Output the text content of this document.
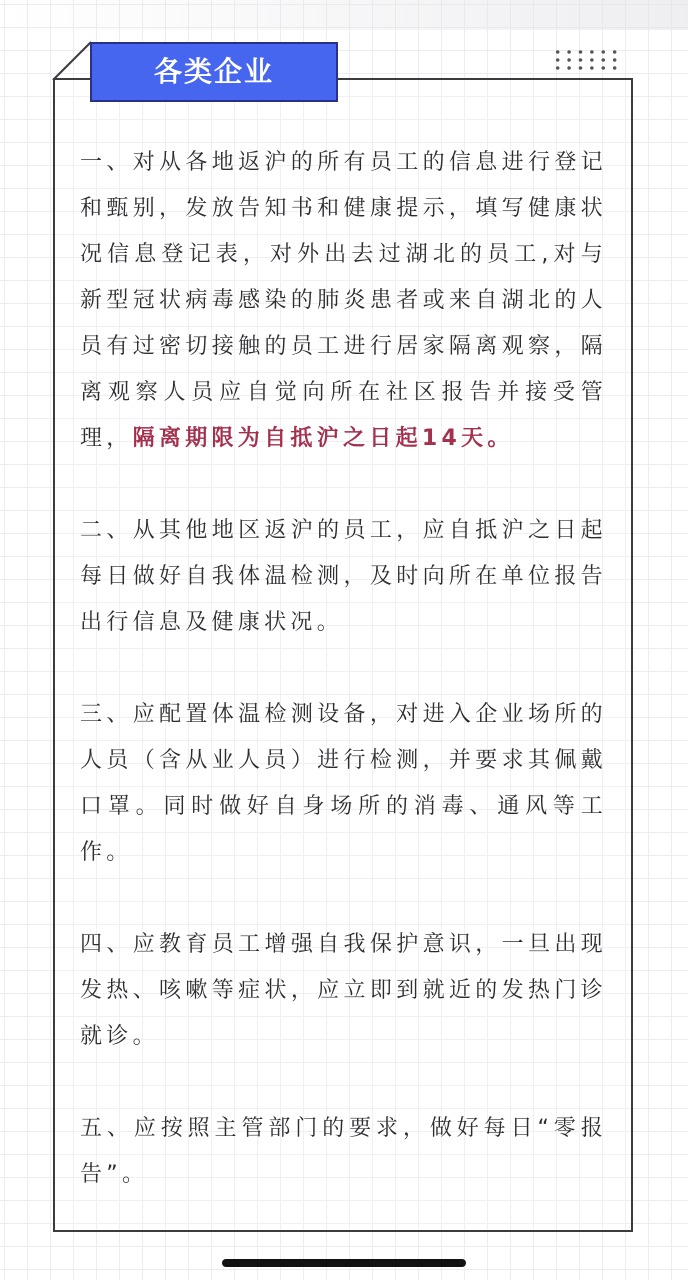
各类企业

一、对从各地返沪的所有员工的信息进行登记和甄别，发放告知书和健康提示，填写健康状况信息登记表，对外出去过湖北的员工,对与新型冠状病毒感染的肺炎患者或来自湖北的人员有过密切接触的员工进行居家隔离观察，隔离观察人员应自觉向所在社区报告并接受管理，隔离期限为自抵沪之日起14天。

二、从其他地区返沪的员工，应自抵沪之日起每日做好自我体温检测，及时向所在单位报告出行信息及健康状况。

三、应配置体温检测设备，对进入企业场所的人员（含从业人员）进行检测，并要求其佩戴口罩。同时做好自身场所的消毒、通风等工作。

四、应教育员工增强自我保护意识，一旦出现发热、咳嗽等症状，应立即到就近的发热门诊就诊。

五、应按照主管部门的要求，做好每日“零报告”。
